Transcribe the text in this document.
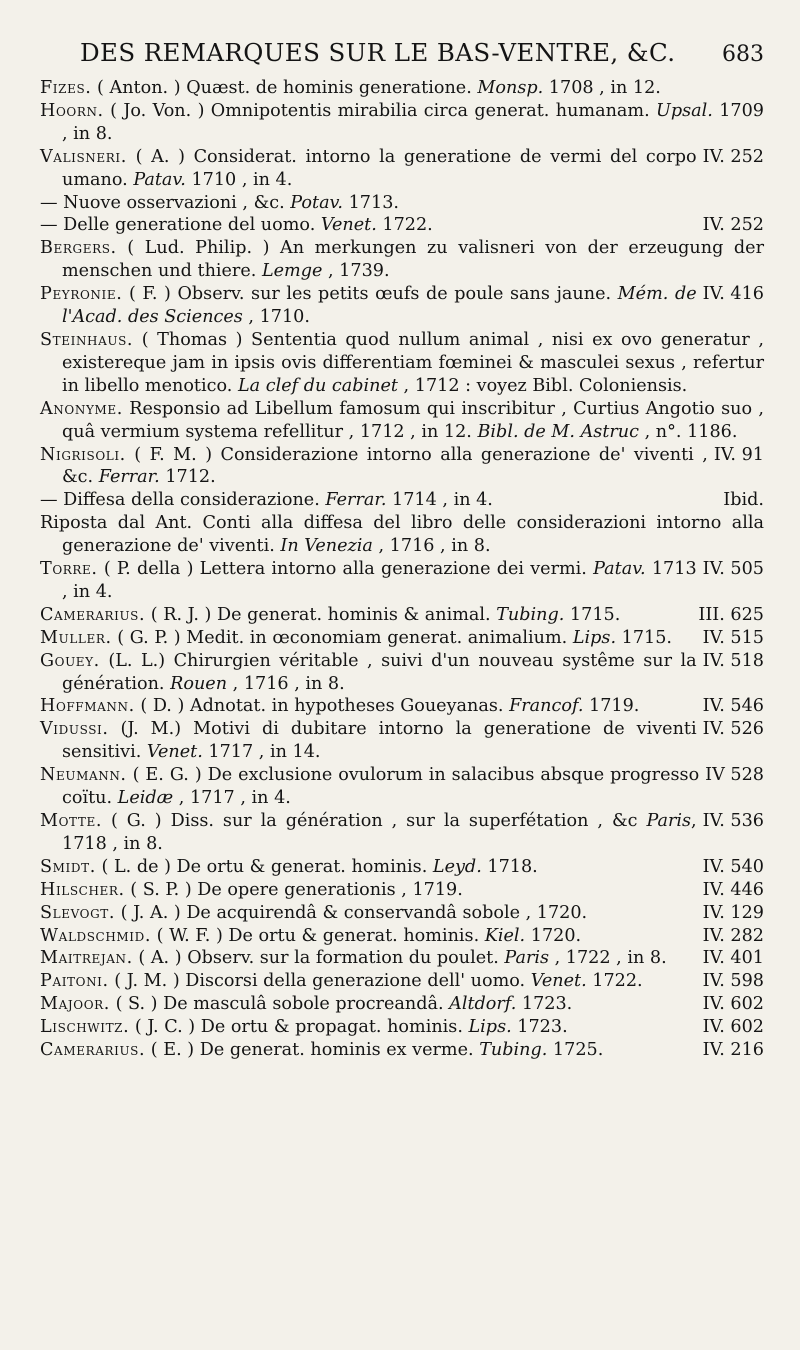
DES REMARQUES SUR LE BAS-VENTRE, &C. 683
Fizes. ( Anton. ) Quæst. de hominis generatione. Monsp. 1708 , in 12.
Hoorn. ( Jo. Von. ) Omnipotentis mirabilia circa generat. humanam. Upsal. 1709 , in 8.
IV. 252
Valisneri. ( A. ) Considerat. intorno la generatione de vermi del corpo umano. Patav. 1710 , in 4.
— Nuove osservazioni , &c. Potav. 1713.
IV. 252
— Delle generatione del uomo. Venet. 1722.
Bergers. ( Lud. Philip. ) An merkungen zu valisneri von der erzeugung der menschen und thiere. Lemge , 1739.
IV. 416
Peyronie. ( F. ) Observ. sur les petits œufs de poule sans jaune. Mém. de l'Acad. des Sciences , 1710.
Steinhaus. ( Thomas ) Sententia quod nullum animal , nisi ex ovo generatur , existereque jam in ipsis ovis differentiam fœminei & masculei sexus , refertur in libello menotico. La clef du cabinet , 1712 : voyez Bibl. Coloniensis.
Anonyme. Responsio ad Libellum famosum qui inscribitur , Curtius Angotio suo , quâ vermium systema refellitur , 1712 , in 12. Bibl. de M. Astruc , n°. 1186.
IV. 91
Nigrisoli. ( F. M. ) Considerazione intorno alla generazione de' viventi , &c. Ferrar. 1712.
Ibid.
— Diffesa della considerazione. Ferrar. 1714 , in 4.
Riposta dal Ant. Conti alla diffesa del libro delle considerazioni intorno alla generazione de' viventi. In Venezia , 1716 , in 8.
IV. 505
Torre. ( P. della ) Lettera intorno alla generazione dei vermi. Patav. 1713 , in 4.
III. 625
Camerarius. ( R. J. ) De generat. hominis & animal. Tubing. 1715.
IV. 515
Muller. ( G. P. ) Medit. in œconomiam generat. animalium. Lips. 1715.
IV. 518
Gouey. (L. L.) Chirurgien véritable , suivi d'un nouveau systême sur la génération. Rouen , 1716 , in 8.
IV. 546
Hoffmann. ( D. ) Adnotat. in hypotheses Goueyanas. Francof. 1719.
IV. 526
Vidussi. (J. M.) Motivi di dubitare intorno la generatione de viventi sensitivi. Venet. 1717 , in 14.
IV 528
Neumann. ( E. G. ) De exclusione ovulorum in salacibus absque progresso coïtu. Leidæ , 1717 , in 4.
IV. 536
Motte. ( G. ) Diss. sur la génération , sur la superfétation , &c Paris, 1718 , in 8.
IV. 540
Smidt. ( L. de ) De ortu & generat. hominis. Leyd. 1718.
IV. 446
Hilscher. ( S. P. ) De opere generationis , 1719.
IV. 129
Slevogt. ( J. A. ) De acquirendâ & conservandâ sobole , 1720.
IV. 282
Waldschmid. ( W. F. ) De ortu & generat. hominis. Kiel. 1720.
IV. 401
Maitrejan. ( A. ) Observ. sur la formation du poulet. Paris , 1722 , in 8.
IV. 598
Paitoni. ( J. M. ) Discorsi della generazione dell' uomo. Venet. 1722.
IV. 602
Majoor. ( S. ) De masculâ sobole procreandâ. Altdorf. 1723.
IV. 602
Lischwitz. ( J. C. ) De ortu & propagat. hominis. Lips. 1723.
IV. 216
Camerarius. ( E. ) De generat. hominis ex verme. Tubing. 1725.
